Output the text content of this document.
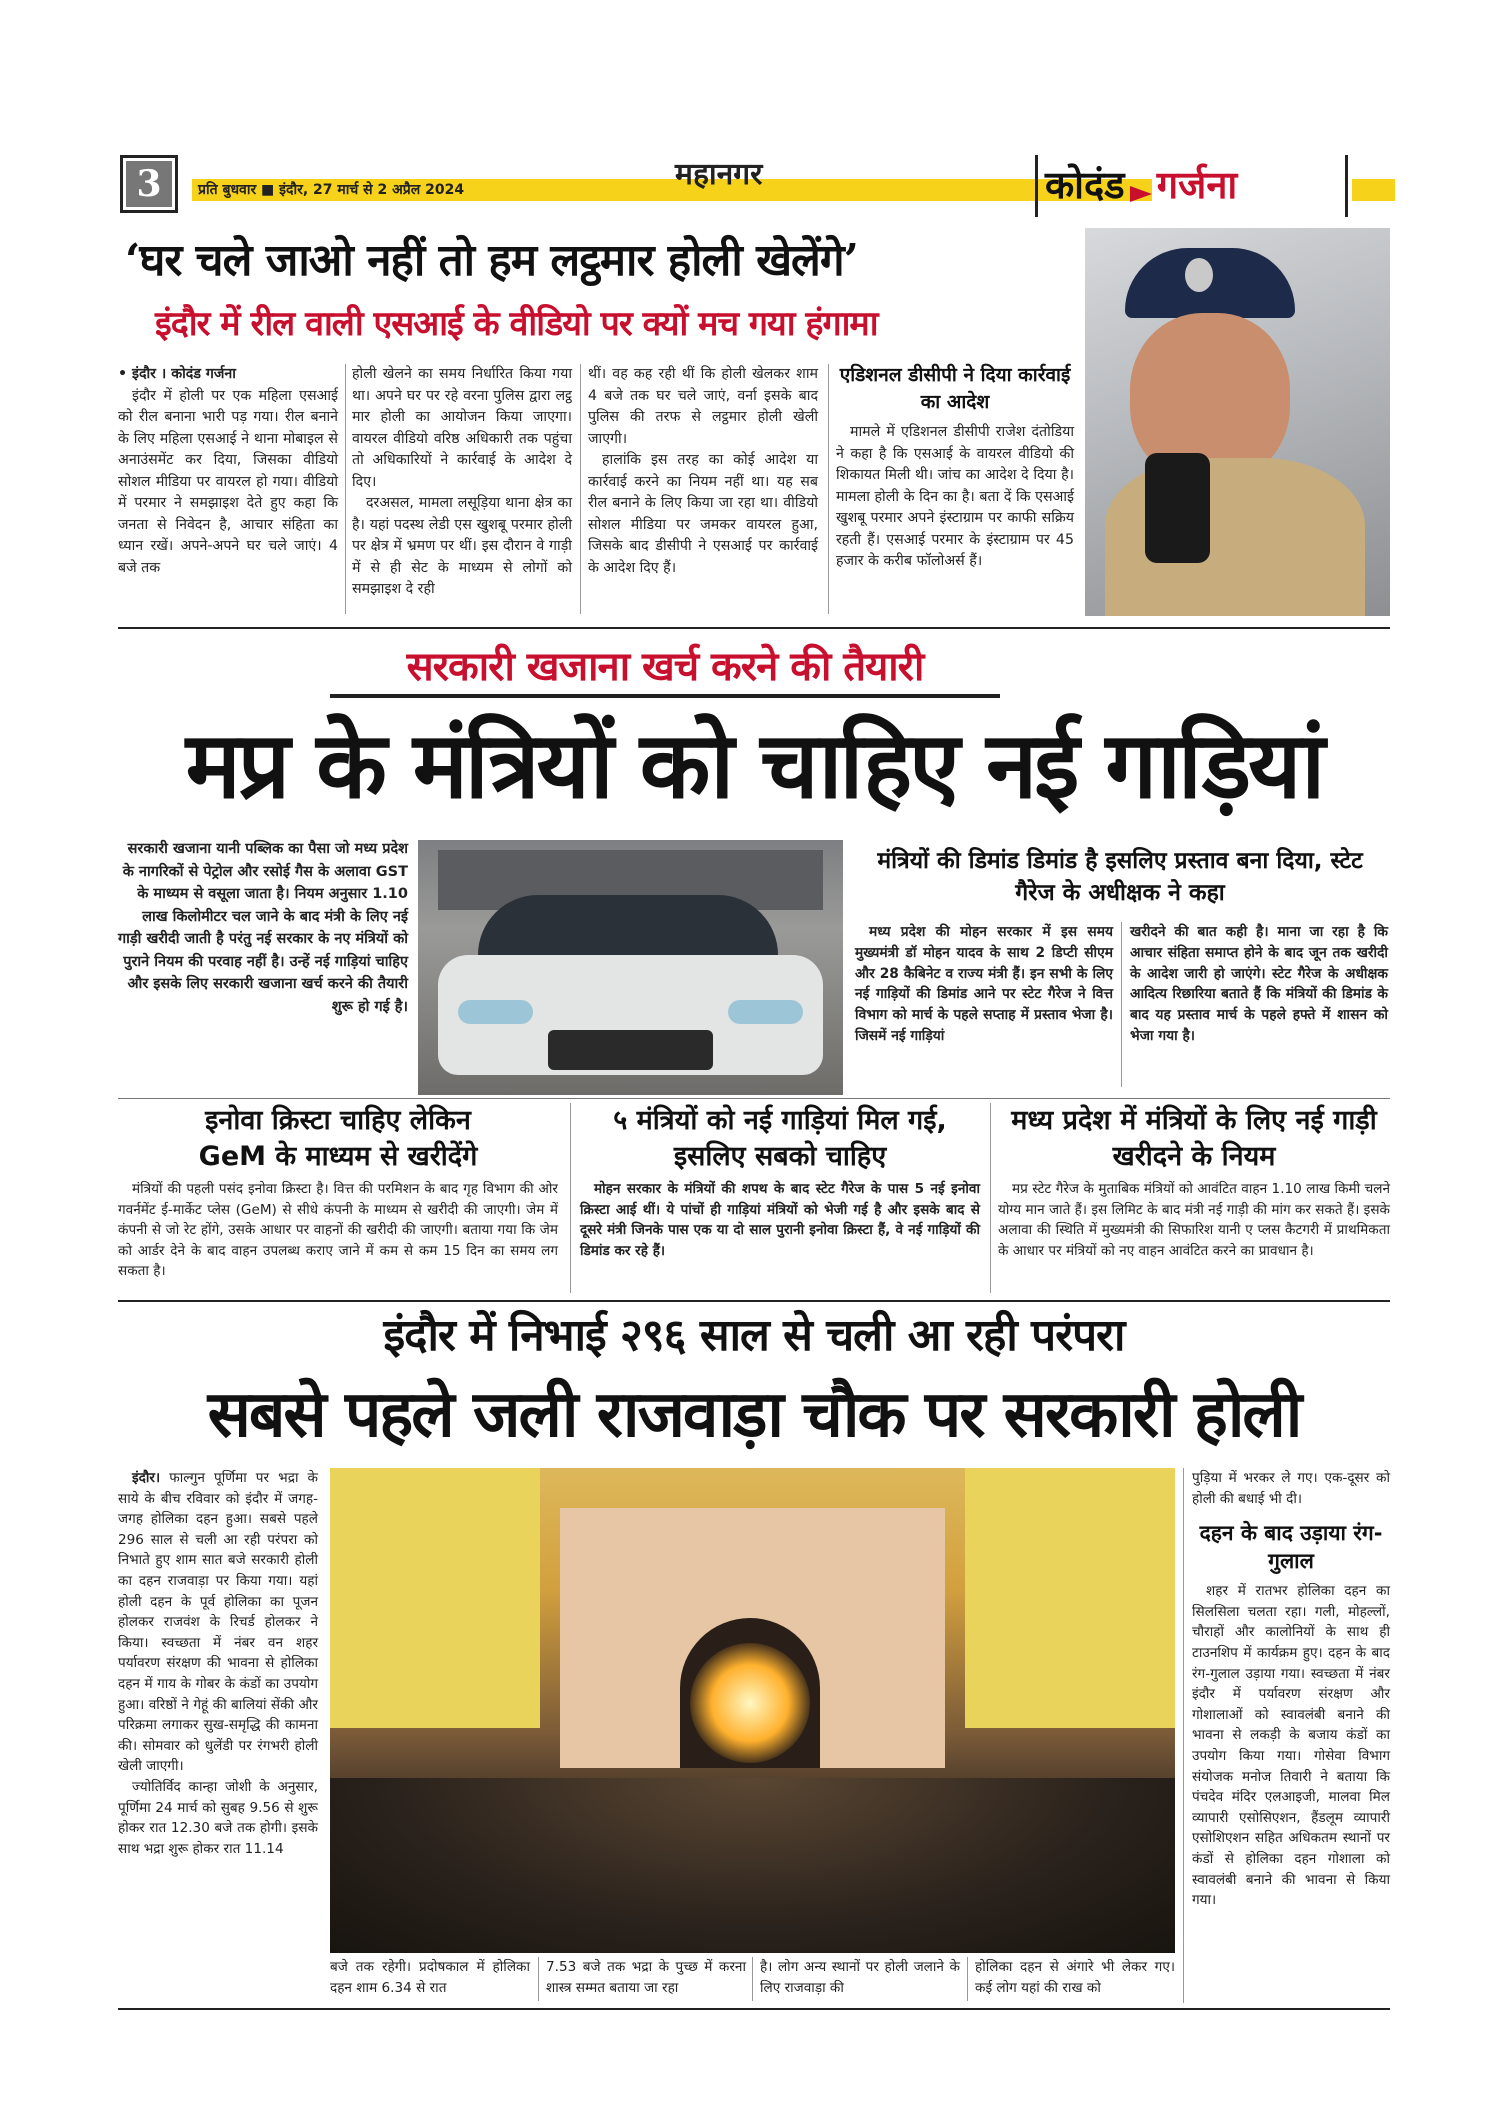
3	प्रति बुधवार ■ इंदौर, 27 मार्च से 2 अप्रैल 2024	महानगर	कोदंड गर्जना
‘घर चले जाओ नहीं तो हम लट्ठमार होली खेलेंगे’
इंदौर में रील वाली एसआई के वीडियो पर क्यों मच गया हंगामा

• इंदौर । कोदंड गर्जना

इंदौर में होली पर एक महिला एसआई को रील बनाना भारी पड़ गया। रील बनाने के लिए महिला एसआई ने थाना मोबाइल से अनाउंसमेंट कर दिया, जिसका वीडियो सोशल मीडिया पर वायरल हो गया। वीडियो में परमार ने समझाइश देते हुए कहा कि जनता से निवेदन है, आचार संहिता का ध्यान रखें। अपने-अपने घर चले जाएं। 4 बजे तक

होली खेलने का समय निर्धारित किया गया था। अपने घर पर रहे वरना पुलिस द्वारा लट्ठ मार होली का आयोजन किया जाएगा। वायरल वीडियो वरिष्ठ अधिकारी तक पहुंचा तो अधिकारियों ने कार्रवाई के आदेश दे दिए।

दरअसल, मामला लसूड़िया थाना क्षेत्र का है। यहां पदस्थ लेडी एस खुशबू परमार होली पर क्षेत्र में भ्रमण पर थीं। इस दौरान वे गाड़ी में से ही सेट के माध्यम से लोगों को समझाइश दे रही

थीं। वह कह रही थीं कि होली खेलकर शाम 4 बजे तक घर चले जाएं, वर्ना इसके बाद पुलिस की तरफ से लट्ठमार होली खेली जाएगी।

हालांकि इस तरह का कोई आदेश या कार्रवाई करने का नियम नहीं था। यह सब रील बनाने के लिए किया जा रहा था। वीडियो सोशल मीडिया पर जमकर वायरल हुआ, जिसके बाद डीसीपी ने एसआई पर कार्रवाई के आदेश दिए हैं।

एडिशनल डीसीपी ने दिया कार्रवाई का आदेश

मामले में एडिशनल डीसीपी राजेश दंतोडिया ने कहा है कि एसआई के वायरल वीडियो की शिकायत मिली थी। जांच का आदेश दे दिया है। मामला होली के दिन का है। बता दें कि एसआई खुशबू परमार अपने इंस्टाग्राम पर काफी सक्रिय रहती हैं। एसआई परमार के इंस्टाग्राम पर 45 हजार के करीब फॉलोअर्स हैं।

सरकारी खजाना खर्च करने की तैयारी
मप्र के मंत्रियों को चाहिए नई गाड़ियां

सरकारी खजाना यानी पब्लिक का पैसा जो मध्य प्रदेश के नागरिकों से पेट्रोल और रसोई गैस के अलावा GST के माध्यम से वसूला जाता है। नियम अनुसार 1.10 लाख किलोमीटर चल जाने के बाद मंत्री के लिए नई गाड़ी खरीदी जाती है परंतु नई सरकार के नए मंत्रियों को पुराने नियम की परवाह नहीं है। उन्हें नई गाड़ियां चाहिए और इसके लिए सरकारी खजाना खर्च करने की तैयारी शुरू हो गई है।

मंत्रियों की डिमांड डिमांड है इसलिए प्रस्ताव बना दिया, स्टेट गैरेज के अधीक्षक ने कहा

मध्य प्रदेश की मोहन सरकार में इस समय मुख्यमंत्री डॉ मोहन यादव के साथ 2 डिप्टी सीएम और 28 कैबिनेट व राज्य मंत्री हैं। इन सभी के लिए नई गाड़ियों की डिमांड आने पर स्टेट गैरेज ने वित्त विभाग को मार्च के पहले सप्ताह में प्रस्ताव भेजा है। जिसमें नई गाड़ियां

खरीदने की बात कही है। माना जा रहा है कि आचार संहिता समाप्त होने के बाद जून तक खरीदी के आदेश जारी हो जाएंगे। स्टेट गैरेज के अधीक्षक आदित्य रिछारिया बताते हैं कि मंत्रियों की डिमांड के बाद यह प्रस्ताव मार्च के पहले हफ्ते में शासन को भेजा गया है।

इनोवा क्रिस्टा चाहिए लेकिन
GeM के माध्यम से खरीदेंगे
मंत्रियों की पहली पसंद इनोवा क्रिस्टा है। वित्त की परमिशन के बाद गृह विभाग की ओर गवर्नमेंट ई-मार्केट प्लेस (GeM) से सीधे कंपनी के माध्यम से खरीदी की जाएगी। जेम में कंपनी से जो रेट होंगे, उसके आधार पर वाहनों की खरीदी की जाएगी। बताया गया कि जेम को आर्डर देने के बाद वाहन उपलब्ध कराए जाने में कम से कम 15 दिन का समय लग सकता है।
५ मंत्रियों को नई गाड़ियां मिल गई, इसलिए सबको चाहिए
मोहन सरकार के मंत्रियों की शपथ के बाद स्टेट गैरेज के पास 5 नई इनोवा क्रिस्टा आई थीं। ये पांचों ही गाड़ियां मंत्रियों को भेजी गई है और इसके बाद से दूसरे मंत्री जिनके पास एक या दो साल पुरानी इनोवा क्रिस्टा हैं, वे नई गाड़ियों की डिमांड कर रहे हैं।
मध्य प्रदेश में मंत्रियों के लिए नई गाड़ी खरीदने के नियम
मप्र स्टेट गैरेज के मुताबिक मंत्रियों को आवंटित वाहन 1.10 लाख किमी चलने योग्य मान जाते हैं। इस लिमिट के बाद मंत्री नई गाड़ी की मांग कर सकते हैं। इसके अलावा की स्थिति में मुख्यमंत्री की सिफारिश यानी ए प्लस कैटगरी में प्राथमिकता के आधार पर मंत्रियों को नए वाहन आवंटित करने का प्रावधान है।
इंदौर में निभाई २९६ साल से चली आ रही परंपरा
सबसे पहले जली राजवाड़ा चौक पर सरकारी होली

इंदौर। फाल्गुन पूर्णिमा पर भद्रा के साये के बीच रविवार को इंदौर में जगह-जगह होलिका दहन हुआ। सबसे पहले 296 साल से चली आ रही परंपरा को निभाते हुए शाम सात बजे सरकारी होली का दहन राजवाड़ा पर किया गया। यहां होली दहन के पूर्व होलिका का पूजन होलकर राजवंश के रिचर्ड होलकर ने किया। स्वच्छता में नंबर वन शहर पर्यावरण संरक्षण की भावना से होलिका दहन में गाय के गोबर के कंडों का उपयोग हुआ। वरिष्ठों ने गेहूं की बालियां सेंकी और परिक्रमा लगाकर सुख-समृद्धि की कामना की। सोमवार को धुलेंडी पर रंगभरी होली खेली जाएगी।

ज्योतिर्विद कान्हा जोशी के अनुसार, पूर्णिमा 24 मार्च को सुबह 9.56 से शुरू होकर रात 12.30 बजे तक होगी। इसके साथ भद्रा शुरू होकर रात 11.14

बजे तक रहेगी। प्रदोषकाल में होलिका दहन शाम 6.34 से रात

7.53 बजे तक भद्रा के पुच्छ में करना शास्त्र सम्मत बताया जा रहा

है। लोग अन्य स्थानों पर होली जलाने के लिए राजवाड़ा की

होलिका दहन से अंगारे भी लेकर गए। कई लोग यहां की राख को

पुड़िया में भरकर ले गए। एक-दूसर को होली की बधाई भी दी।

दहन के बाद उड़ाया रंग-गुलाल

शहर में रातभर होलिका दहन का सिलसिला चलता रहा। गली, मोहल्लों, चौराहों और कालोनियों के साथ ही टाउनशिप में कार्यक्रम हुए। दहन के बाद रंग-गुलाल उड़ाया गया। स्वच्छता में नंबर इंदौर में पर्यावरण संरक्षण और गोशालाओं को स्वावलंबी बनाने की भावना से लकड़ी के बजाय कंडों का उपयोग किया गया। गोसेवा विभाग संयोजक मनोज तिवारी ने बताया कि पंचदेव मंदिर एलआइजी, मालवा मिल व्यापारी एसोसिएशन, हैंडलूम व्यापारी एसोशिएशन सहित अधिकतम स्थानों पर कंडों से होलिका दहन गोशाला को स्वावलंबी बनाने की भावना से किया गया।
